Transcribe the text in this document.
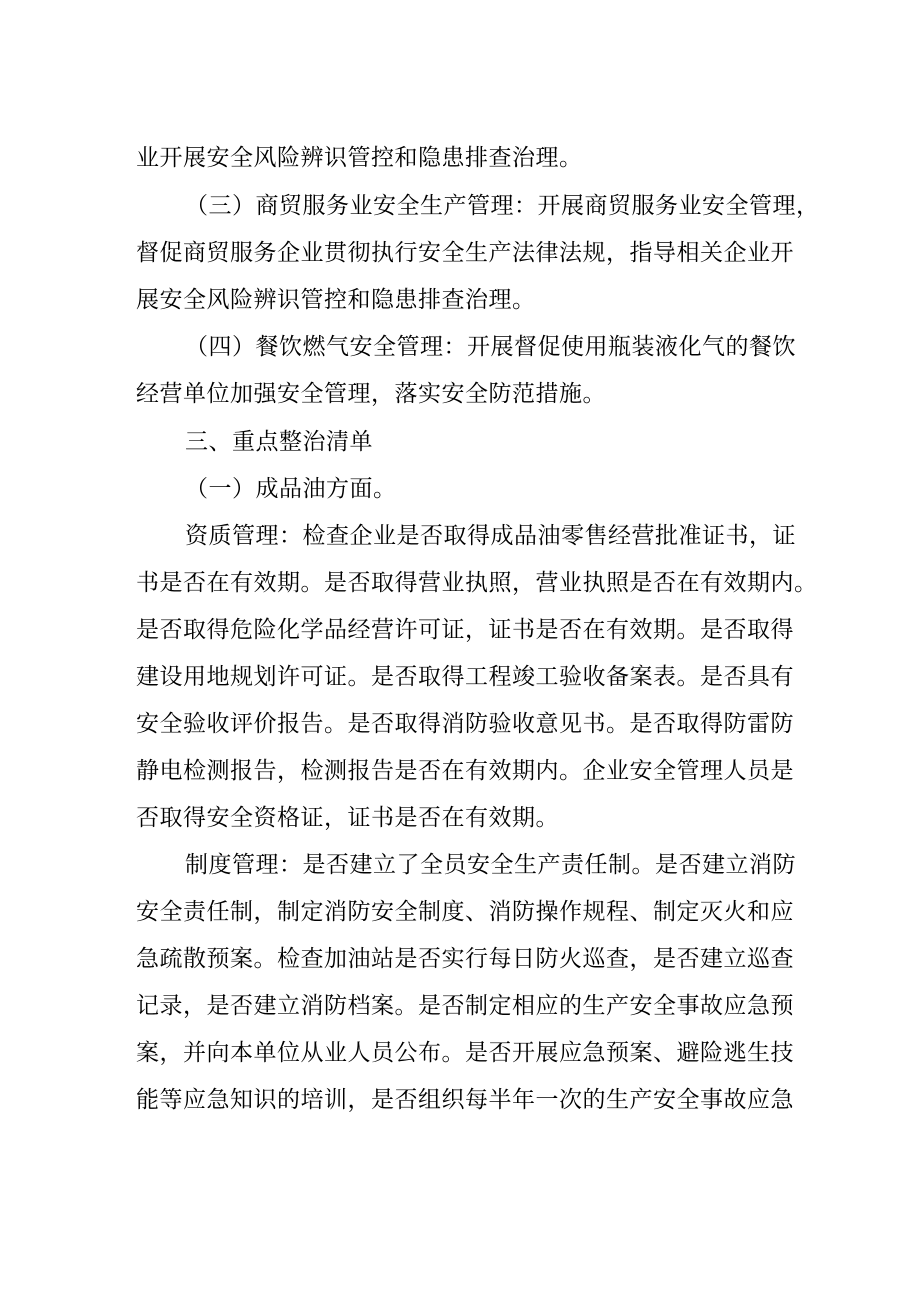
业开展安全风险辨识管控和隐患排查治理。
（三）商贸服务业安全生产管理：开展商贸服务业安全管理，
督促商贸服务企业贯彻执行安全生产法律法规，指导相关企业开
展安全风险辨识管控和隐患排查治理。
（四）餐饮燃气安全管理：开展督促使用瓶装液化气的餐饮
经营单位加强安全管理，落实安全防范措施。
三、重点整治清单
（一）成品油方面。
资质管理：检查企业是否取得成品油零售经营批准证书，证
书是否在有效期。是否取得营业执照，营业执照是否在有效期内。
是否取得危险化学品经营许可证，证书是否在有效期。是否取得
建设用地规划许可证。是否取得工程竣工验收备案表。是否具有
安全验收评价报告。是否取得消防验收意见书。是否取得防雷防
静电检测报告，检测报告是否在有效期内。企业安全管理人员是
否取得安全资格证，证书是否在有效期。
制度管理：是否建立了全员安全生产责任制。是否建立消防
安全责任制，制定消防安全制度、消防操作规程、制定灭火和应
急疏散预案。检查加油站是否实行每日防火巡查，是否建立巡查
记录，是否建立消防档案。是否制定相应的生产安全事故应急预
案，并向本单位从业人员公布。是否开展应急预案、避险逃生技
能等应急知识的培训，是否组织每半年一次的生产安全事故应急
